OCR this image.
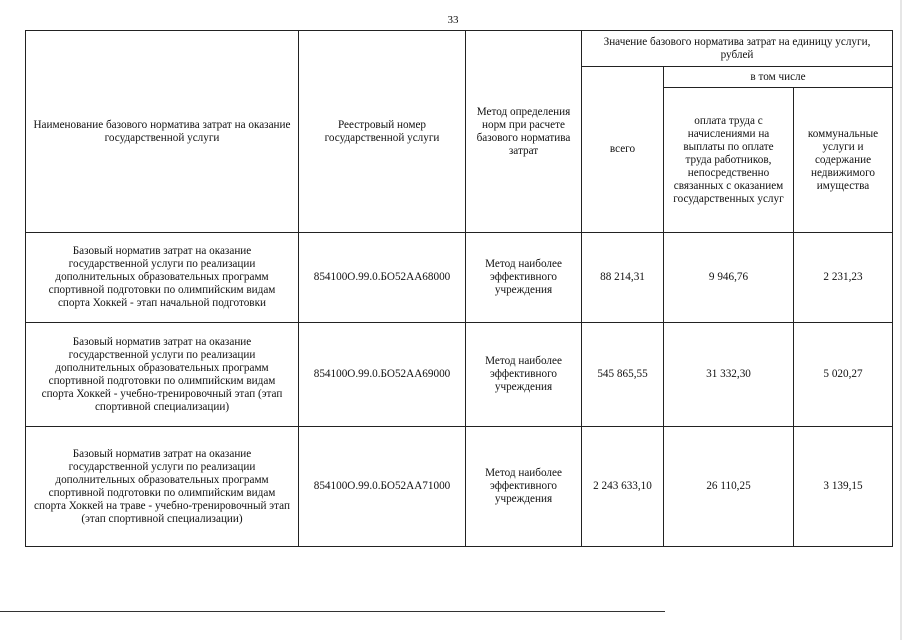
33
Наименование базового норматива затрат на оказание государственной услуги	Реестровый номер государственной услуги	Метод определения норм при расчете базового норматива затрат	Значение базового норматива затрат на единицу услуги, рублей		
			всего	в том числе	
				оплата труда с начислениями на выплаты по оплате труда работников, непосредственно связанных с оказанием государственных услуг	коммунальные услуги и содержание недвижимого имущества
Базовый норматив затрат на оказание государственной услуги по реализации дополнительных образовательных программ спортивной подготовки по олимпийским видам спорта Хоккей - этап начальной подготовки	854100О.99.0.БО52АА68000	Метод наиболее эффективного учреждения	88 214,31	9 946,76	2 231,23
Базовый норматив затрат на оказание государственной услуги по реализации дополнительных образовательных программ спортивной подготовки по олимпийским видам спорта Хоккей - учебно-тренировочный этап (этап спортивной специализации)	854100О.99.0.БО52АА69000	Метод наиболее эффективного учреждения	545 865,55	31 332,30	5 020,27
Базовый норматив затрат на оказание государственной услуги по реализации дополнительных образовательных программ спортивной подготовки по олимпийским видам спорта Хоккей на траве - учебно-тренировочный этап (этап спортивной специализации)	854100О.99.0.БО52АА71000	Метод наиболее эффективного учреждения	2 243 633,10	26 110,25	3 139,15
